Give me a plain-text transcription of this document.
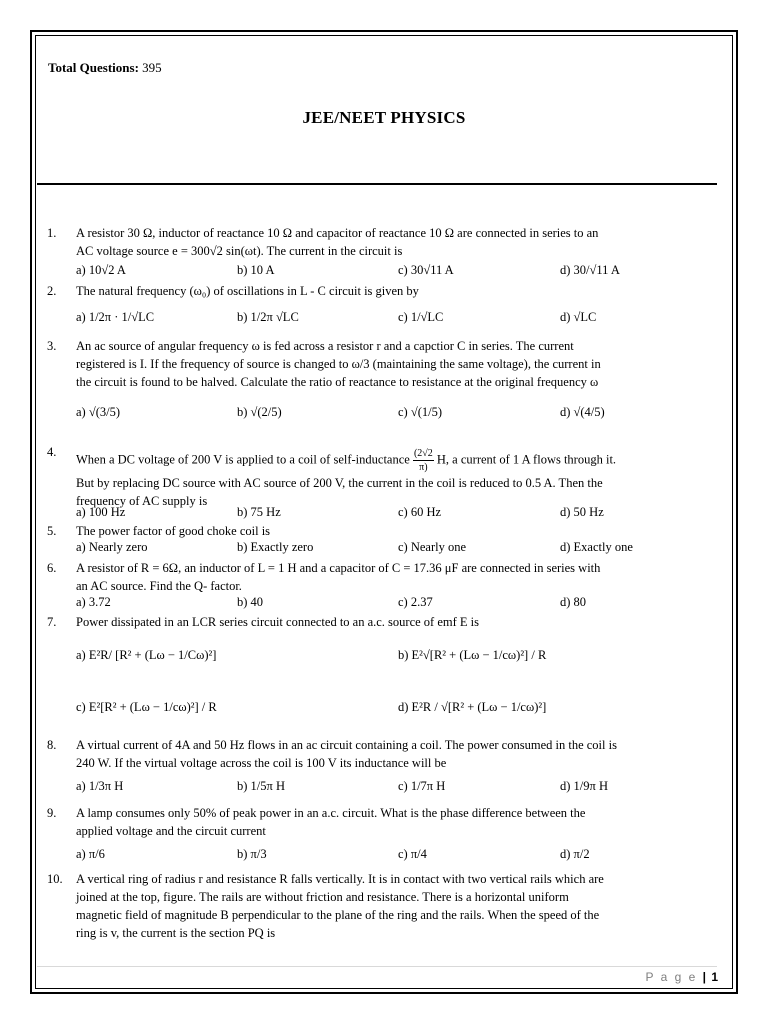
Total Questions: 395
JEE/NEET PHYSICS
1.	A resistor 30 Ω, inductor of reactance 10 Ω and capacitor of reactance 10 Ω are connected in series to an
AC voltage source e = 300√2 sin(ωt). The current in the circuit is
a) 10√2 A	b) 10 A	c) 30√11 A	d) 30/√11 A
2.	The natural frequency (ω₀) of oscillations in L - C circuit is given by
a) 1/2π · 1/√LC	b) 1/2π √LC	c) 1/√LC	d) √LC
3.	An ac source of angular frequency ω is fed across a resistor r and a capctior C in series. The current
registered is I. If the frequency of source is changed to ω/3 (maintaining the same voltage), the current in
the circuit is found to be halved. Calculate the ratio of reactance to resistance at the original frequency ω
a) √(3/5)	b) √(2/5)	c) √(1/5)	d) √(4/5)
4.
When a DC voltage of 200 V is applied to a coil of self-inductance $\frac{(2√2}{\pi)} H$, a current of 1 A flows through it.
But by replacing DC source with AC source of 200 V, the current in the coil is reduced to 0.5 A. Then the
frequency of AC supply is
a) 100 Hz	b) 75 Hz	c) 60 Hz	d) 50 Hz
5.	The power factor of good choke coil is
a) Nearly zero	b) Exactly zero	c) Nearly one	d) Exactly one
6.	A resistor of R = 6Ω, an inductor of L = 1 H and a capacitor of C = 17.36 μF are connected in series with
an AC source. Find the Q- factor.
a) 3.72	b) 40	c) 2.37	d) 80
7.	Power dissipated in an LCR series circuit connected to an a.c. source of emf E is
a) E²R/ [R² + (Lω − 1/Cω)²]	b) E²√[R² + (Lω − 1/cω)²] / R
c) E²[R² + (Lω − 1/cω)²] / R	d) E²R / √[R² + (Lω − 1/cω)²]
8.	A virtual current of 4A and 50 Hz flows in an ac circuit containing a coil. The power consumed in the coil is
240 W. If the virtual voltage across the coil is 100 V its inductance will be
a) 1/3π H	b) 1/5π H	c) 1/7π H	d) 1/9π H
9.	A lamp consumes only 50% of peak power in an a.c. circuit. What is the phase difference between the
applied voltage and the circuit current
a) π/6	b) π/3	c) π/4	d) π/2
10.	A vertical ring of radius r and resistance R falls vertically. It is in contact with two vertical rails which are
joined at the top, figure. The rails are without friction and resistance. There is a horizontal uniform
magnetic field of magnitude B perpendicular to the plane of the ring and the rails. When the speed of the
ring is v, the current is the section PQ is
P a g e | 1
